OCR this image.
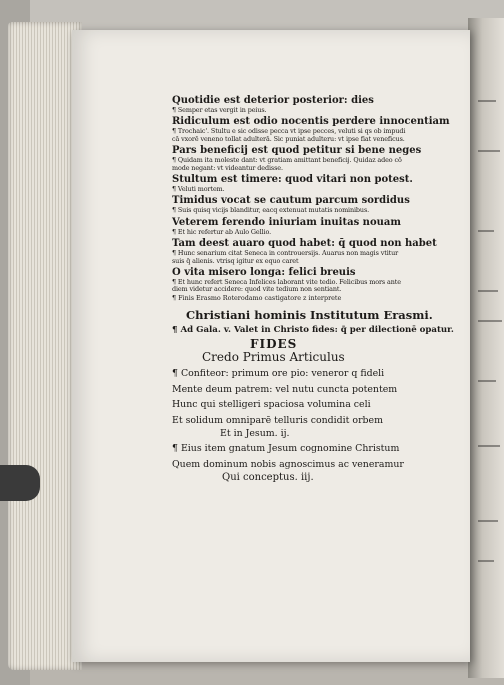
Quotidie est deterior posterior: dies

¶ Semper etas vergit in peius.

Ridiculum est odio nocentis perdere innocentiam

¶ Trochaic'. Stultu e sic odisse pecca vt ipse pecces, veluti si qs ob impudi

cā vxorē veneno tollat adulterā. Sic puniat adulteru: vt ipse fiat veneficus.

Pars beneficij est quod petitur si bene neges

¶ Quidam ita moleste dant: vt gratiam amittant beneficij. Quidaz adeo cō

mode negant: vt videantur dedisse.

Stultum est timere: quod vitari non potest.

¶ Veluti mortem.

Timidus vocat se cautum parcum sordidus

¶ Suis quisq vicijs blanditur, eacq extenuat mutatis nominibus.

Veterem ferendo iniuriam inuitas nouam

¶ Et hic refertur ab Aulo Gellio.

Tam deest auaro quod habet: q̄ quod non habet

¶ Hunc senarium citat Seneca in controuersijs. Auarus non magis vtitur

suis q̄ alienis. vtrisq igitur ex equo caret

O vita misero longa: felici breuis

¶ Et hunc refert Seneca Infelices laborant vite tedio. Felicibus mors ante

diem videtur accidere: quod vite tedium non sentiant.

¶ Finis Erasmo Roterodamo castigatore z interprete

Christiani hominis Institutum Erasmi.

¶ Ad Gala. v. Valet in Christo fides: q̄ per dilectionē opatur.

FIDES

Credo Primus Articulus

¶ Confiteor: primum ore pio: veneror q fideli

Mente deum patrem: vel nutu cuncta potentem

Hunc qui stelligeri spaciosa volumina celi

Et solidum omniparē telluris condidit orbem

Et in Jesum. ij.

¶ Eius item gnatum Jesum cognomine Christum

Quem dominum nobis agnoscimus ac veneramur

Qui conceptus. iij.
